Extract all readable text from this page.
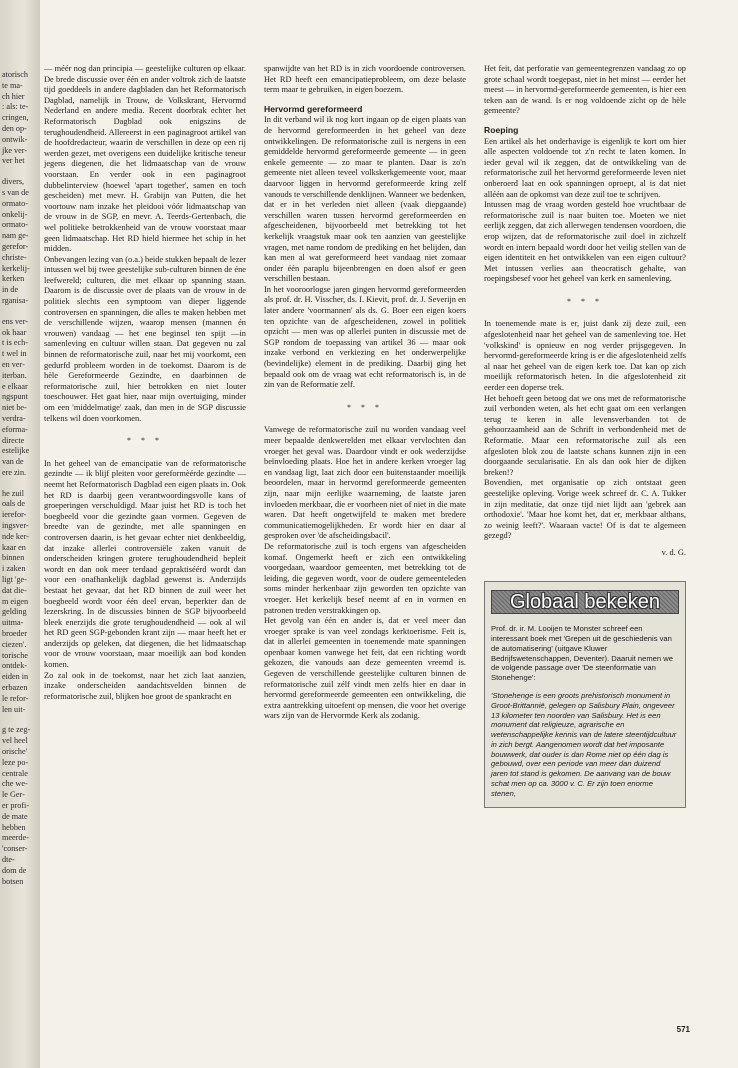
atorisch
te ma-
ch hier
: als: te-
cringen,
den op-
ontwik-
jke ver-
ver het
divers,
s van de
ormato-
onkelij-
ormato-
nam ge-
gerefor-
christe-
kerkelij-
kerken
in de
rganisa-
ens ver-
ok haar
t is ech-
t wel in
en ver-
iterban.
e elkaar
ngspunt
niet be-
verdra-
eforma-
directe
estelijke
van de
ere zin.
he zuil
oals de
ierefor-
ingsver-
nde ker-
kaar en
binnen
i zaken
ligt 'ge-
dat die-
m eigen
gelding
uitma-
broeder
ciezen'.
torische
ontdek-
eiden in
erbazen
le refor-
len uit-
g te zeg-
vel heel
orische'
leze po-
centrale
che we-
le Ger-
er profi-
de mate
hebben
meerde-
'conser-
dte-
dom de
botsen

— méér nog dan principia — geestelijke culturen op elkaar. De brede discussie over één en ander voltrok zich de laatste tijd goeddeels in andere dagbladen dan het Reformatorisch Dagblad, namelijk in Trouw, de Volkskrant, Hervormd Nederland en andere media. Recent doorbrak echter het Reformatorisch Dagblad ook enigszins de terughoudendheid. Allereerst in een paginagroot artikel van de hoofdredacteur, waarin de verschillen in deze op een rij werden gezet, met overigens een duidelijke kritische teneur jegens diegenen, die het lidmaatschap van de vrouw voorstaan. En verder ook in een paginagroot dubbelinterview (hoewel 'apart together', samen en toch gescheiden) met mevr. H. Grabijn van Putten, die het voortouw nam inzake het pleidooi vóór lidmaatschap van de vrouw in de SGP, en mevr. A. Teerds-Gertenbach, die wel politieke betrokkenheid van de vrouw voorstaat maar geen lidmaatschap. Het RD hield hiermee het schip in het midden.

Onbevangen lezing van (o.a.) beide stukken bepaalt de lezer intussen wel bij twee geestelijke sub-culturen binnen de éne leefwereld; culturen, die met elkaar op spanning staan. Daarom is de discussie over de plaats van de vrouw in de politiek slechts een symptoom van dieper liggende controversen en spanningen, die alles te maken hebben met de verschillende wijzen, waarop mensen (mannen én vrouwen) vandaag — het ene beginsel ten spijt —in samenleving en cultuur willen staan. Dat gegeven nu zal binnen de reformatorische zuil, naar het mij voorkomt, een gedurfd probleem worden in de toekomst. Daarom is de hèle Gereformeerde Gezindte, en daarbinnen de reformatorische zuil, hier betrokken en niet louter toeschouwer. Het gaat hier, naar mijn overtuiging, minder om een 'middelmatige' zaak, dan men in de SGP discussie telkens wil doen voorkomen.

* * *

In het geheel van de emancipatie van de reformatorische gezindte — ik blijf pleiten voor gereformèérde gezindte — neemt het Reformatorisch Dagblad een eigen plaats in. Ook het RD is daarbij geen verantwoordingsvolle kans of groeperingen verschuldigd. Maar juist het RD is toch het boegbeeld voor die gezindte gaan vormen. Gegeven de breedte van de gezindte, met alle spanningen en controversen daarin, is het gevaar echter niet denkbeeldig, dat inzake allerlei controversiële zaken vanuit de onderscheiden kringen grotere terughoudendheid bepleit wordt en dan ook meer terdaad gepraktiséérd wordt dan voor een onafhankelijk dagblad gewenst is. Anderzijds bestaat het gevaar, dat het RD binnen de zuil weer het boegbeeld wordt voor één deel ervan, beperkter dan de lezerskring. In de discussies binnen de SGP bijvoorbeeld bleek enerzijds die grote terughoudendheid — ook al wil het RD geen SGP-gebonden krant zijn — maar heeft het er anderzijds op geleken, dat diegenen, die het lidmaatschap voor de vrouw voorstaan, maar moeilijk aan bod konden komen.

Zo zal ook in de toekomst, naar het zich laat aanzien, inzake onderscheiden aandachtsvelden binnen de reformatorische zuil, blijken hoe groot de spankracht en

spanwijdte van het RD is in zich voordoende controversen. Het RD heeft een emancipatieprobleem, om deze belaste term maar te gebruiken, in eigen boezem.

Hervormd gereformeerd

In dit verband wil ik nog kort ingaan op de eigen plaats van de hervormd gereformeerden in het geheel van deze ontwikkelingen. De reformatorische zuil is nergens in een gemiddelde hervormd gereformeerde gemeente — in geen enkele gemeente — zo maar te planten. Daar is zo'n gemeente niet alleen teveel volkskerkgemeente voor, maar daarvoor liggen in hervormd gereformeerde kring zelf vanouds te verschillende denklijnen. Wanneer we bedenken, dat er in het verleden niet alleen (vaak diepgaande) verschillen waren tussen hervormd gereformeerden en afgescheidenen, bijvoorbeeld met betrekking tot het kerkelijk vraagstuk maar ook ten aanzien van geestelijke vragen, met name rondom de prediking en het belijden, dan kan men al wat gereformeerd heet vandaag niet zomaar onder één paraplu bijeenbrengen en doen alsof er geen verschillen bestaan.

In het vooroorlogse jaren gingen hervormd gereformeerden als prof. dr. H. Visscher, ds. I. Kievit, prof. dr. J. Severijn en later andere 'voormannen' als ds. G. Boer een eigen koers ten opzichte van de afgescheidenen, zowel in politiek opzicht — men was op allerlei punten in discussie met de SGP rondom de toepassing van artikel 36 — maar ook inzake verbond en verkiezing en het onderwerpelijke (bevindelijke) element in de prediking. Daarbij ging het bepaald ook om de vraag wat echt reformatorisch is, in de zin van de Reformatie zelf.

* * *

Vanwege de reformatorische zuil nu worden vandaag veel meer bepaalde denkwerelden met elkaar vervlochten dan vroeger het geval was. Daardoor vindt er ook wederzijdse beïnvloeding plaats. Hoe het in andere kerken vroeger lag en vandaag ligt, laat zich door een buitenstaander moeilijk beoordelen, maar in hervormd gereformeerde gemeenten zijn, naar mijn eerlijke waarneming, de laatste jaren invloeden merkbaar, die er voorheen niet of niet in die mate waren. Dat heeft ongetwijfeld te maken met bredere communicatiemogelijkheden. Er wordt hier en daar al gesproken over 'de afscheidingsbacil'.

De reformatorische zuil is toch ergens van afgescheiden komaf. Ongemerkt heeft er zich een ontwikkeling voorgedaan, waardoor gemeenten, met betrekking tot de leiding, die gegeven wordt, voor de oudere gemeenteleden soms minder herkenbaar zijn geworden ten opzichte van vroeger. Het kerkelijk besef neemt af en in vormen en patronen treden verstrakkingen op.

Het gevolg van één en ander is, dat er veel meer dan vroeger sprake is van veel zondags kerktoerisme. Feit is, dat in allerlei gemeenten in toenemende mate spanningen openbaar komen vanwege het feit, dat een richting wordt gekozen, die vanouds aan deze gemeenten vreemd is. Gegeven de verschillende geestelijke culturen binnen de reformatorische zuil zélf vindt men zelfs hier en daar in hervormd gereformeerde gemeenten een ontwikkeling, die extra aantrekking uitoefent op mensen, die voor het overige wars zijn van de Hervormde Kerk als zodanig.

Het feit, dat perforatie van gemeentegrenzen vandaag zo op grote schaal wordt toegepast, niet in het minst — eerder het meest — in hervormd-gereformeerde gemeenten, is hier een teken aan de wand. Is er nog voldoende zicht op de hèle gemeente?

Roeping

Een artikel als het onderhavige is eigenlijk te kort om hier alle aspecten voldoende tot z'n recht te laten komen. In ieder geval wil ik zeggen, dat de ontwikkeling van de reformatorische zuil het hervormd gereformeerde leven niet onberoerd laat en ook spanningen oproept, al is dat niet alléén aan de opkomst van deze zuil toe te schrijven.

Intussen mag de vraag worden gesteld hoe vruchtbaar de reformatorische zuil is naar buiten toe. Moeten we niet eerlijk zeggen, dat zich allerwegen tendensen voordoen, die erop wijzen, dat de reformatorische zuil doel in zichzelf wordt en intern bepaald wordt door het veilig stellen van de eigen identiteit en het ontwikkelen van een eigen cultuur? Met intussen verlies aan theocratisch gehalte, van roepingsbesef voor het geheel van kerk en samenleving.

* * *

In toenemende mate is er, juist dank zij deze zuil, een afgeslotenheid naar het geheel van de samenleving toe. Het 'volkskind' is opnieuw en nog verder prijsgegeven. In hervormd-gereformeerde kring is er die afgeslotenheid zelfs al naar het geheel van de eigen kerk toe. Dat kan op zich moeilijk reformatorisch heten. In die afgeslotenheid zit eerder een doperse trek.

Het behoeft geen betoog dat we ons met de reformatorische zuil verbonden weten, als het echt gaat om een verlangen terug te keren in alle levensverbanden tot de gehoorzaamheid aan de Schrift in verbondenheid met de Reformatie. Maar een reformatorische zuil als een afgesloten blok zou de laatste schans kunnen zijn in een doorgaande secularisatie. En als dan ook hier de dijken breken!?

Bovendien, met organisatie op zich ontstaat geen geestelijke opleving. Vorige week schreef dr. C. A. Tukker in zijn meditatie, dat onze tijd niet lijdt aan 'gebrek aan orthodoxie'. 'Maar hoe komt het, dat er, merkbaar althans, zo weinig leeft?'. Waaraan vacte! Of is dat te algemeen gezegd?

v. d. G.
Globaal bekeken
Prof. dr. ir. M. Looijen te Monster schreef een interessant boek met 'Grepen uit de geschiedenis van de automatisering' (uitgave Kluwer Bedrijfswetenschappen, Deventer). Daaruit nemen we de volgende passage over 'De steenformatie van Stonehenge':
'Stonehenge is een groots prehistorisch monument in Groot-Brittannië, gelegen op Salisbury Plain, ongeveer 13 kilometer ten noorden van Salisbury. Het is een monument dat religieuze, agrarische en wetenschappelijke kennis van de latere steentijdcultuur in zich bergt. Aangenomen wordt dat het imposante bouwwerk, dat ouder is dan Rome niet op één dag is gebouwd, over een periode van meer dan duizend jaren tot stand is gekomen. De aanvang van de bouw schat men op ca. 3000 v. C. Er zijn toen enorme stenen,
571
